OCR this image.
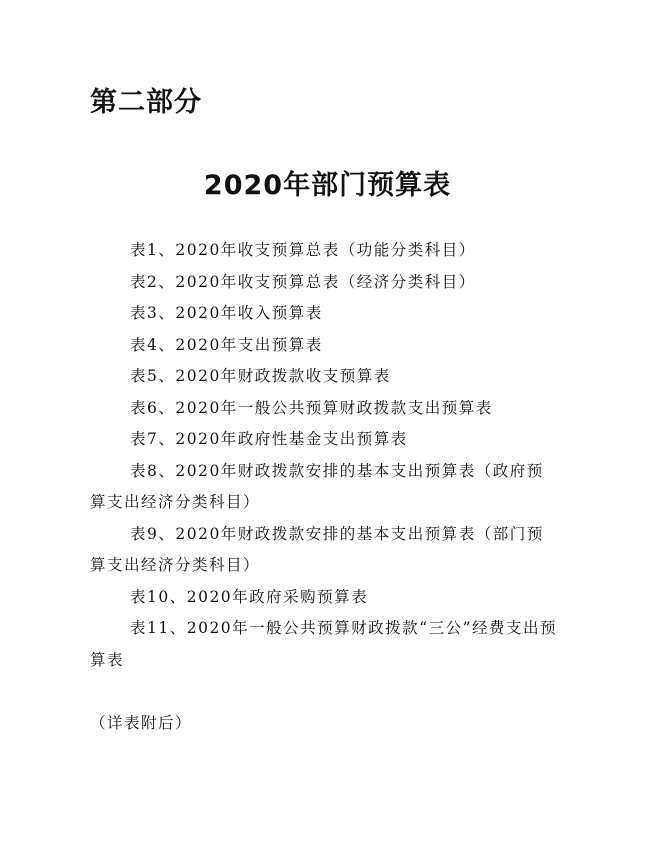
第二部分
2020年部门预算表
表1、2020年收支预算总表（功能分类科目）
表2、2020年收支预算总表（经济分类科目）
表3、2020年收入预算表
表4、2020年支出预算表
表5、2020年财政拨款收支预算表
表6、2020年一般公共预算财政拨款支出预算表
表7、2020年政府性基金支出预算表
表8、2020年财政拨款安排的基本支出预算表（政府预算支出经济分类科目）
表9、2020年财政拨款安排的基本支出预算表（部门预算支出经济分类科目）
表10、2020年政府采购预算表
表11、2020年一般公共预算财政拨款“三公”经费支出预算表

（详表附后）
